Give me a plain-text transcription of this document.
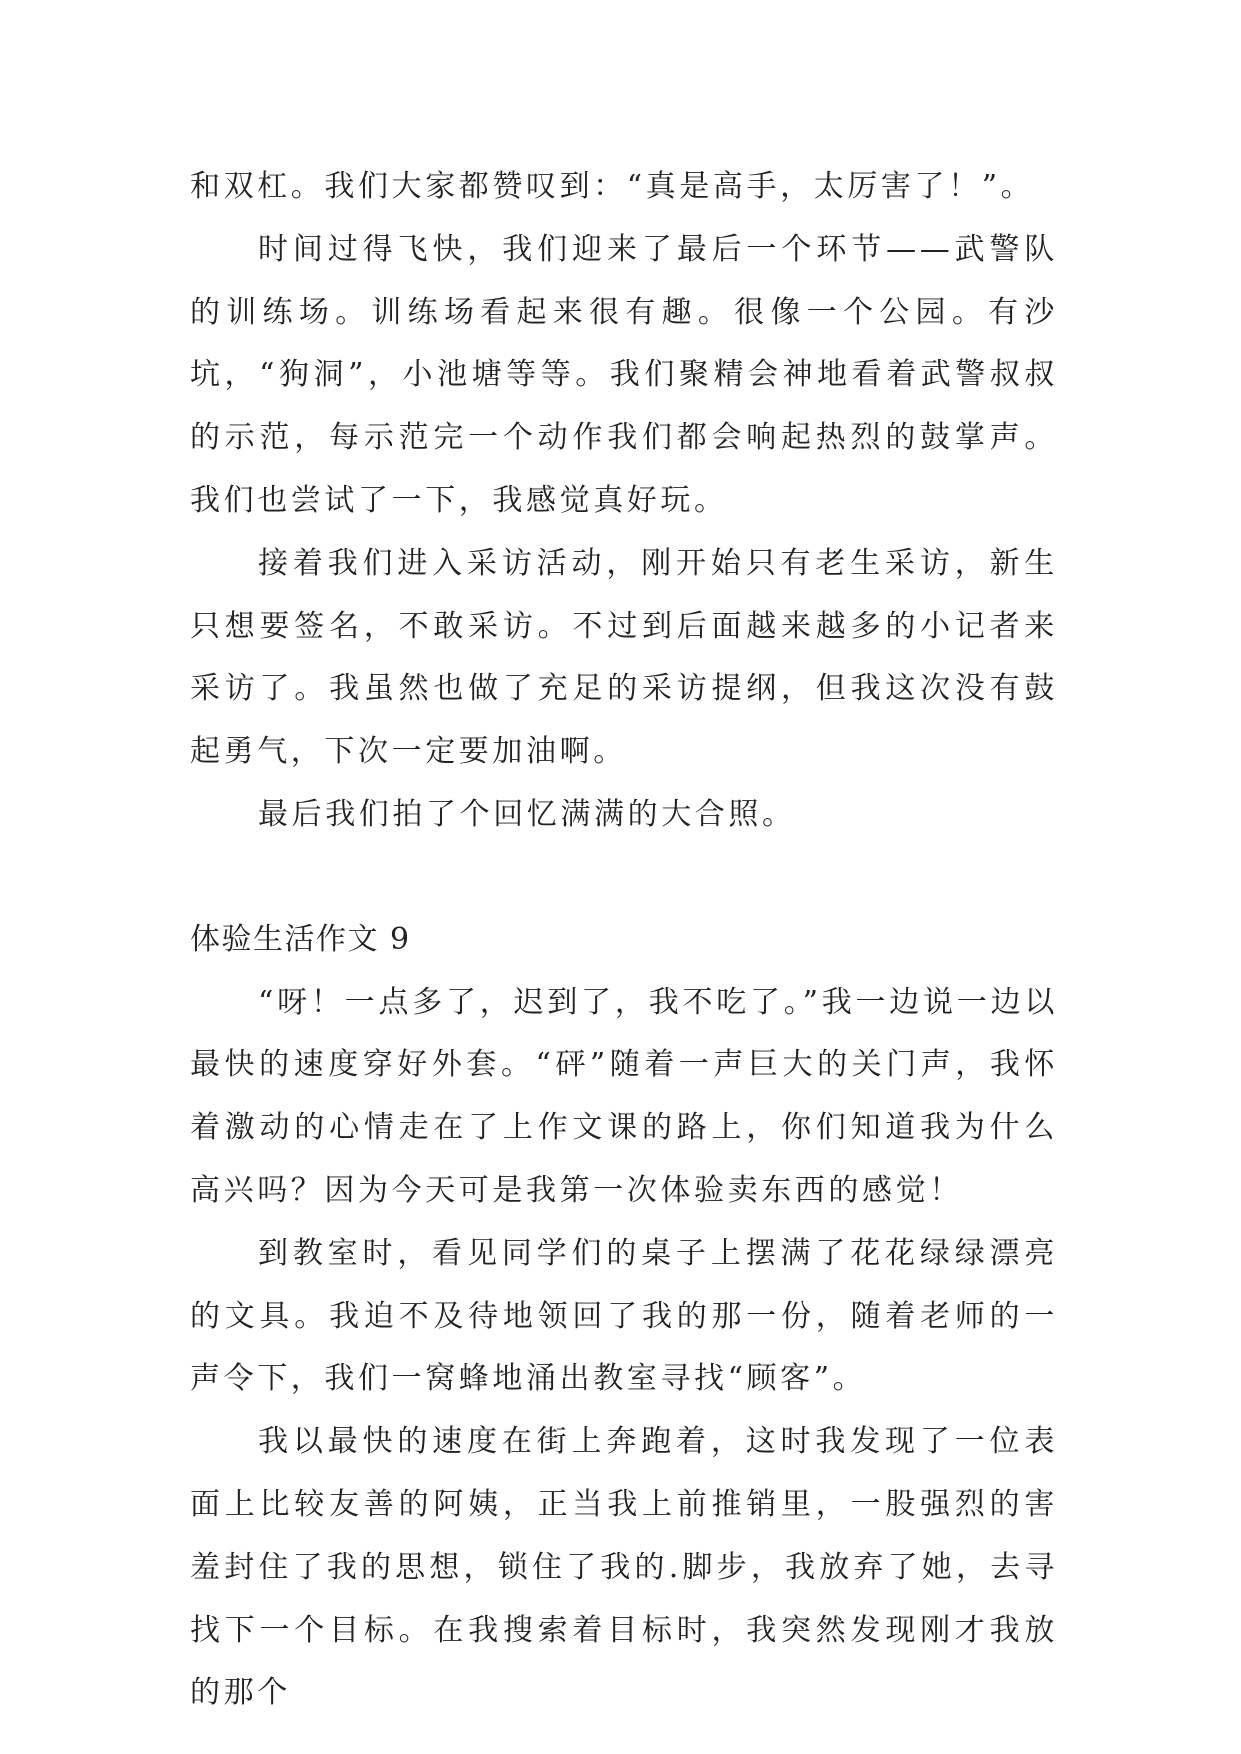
和双杠。我们大家都赞叹到：“真是高手，太厉害了！”。

时间过得飞快，我们迎来了最后一个环节——武警队的训练场。训练场看起来很有趣。很像一个公园。有沙坑，“狗洞”，小池塘等等。我们聚精会神地看着武警叔叔的示范，每示范完一个动作我们都会响起热烈的鼓掌声。我们也尝试了一下，我感觉真好玩。

接着我们进入采访活动，刚开始只有老生采访，新生只想要签名，不敢采访。不过到后面越来越多的小记者来采访了。我虽然也做了充足的采访提纲，但我这次没有鼓起勇气，下次一定要加油啊。

最后我们拍了个回忆满满的大合照。

体验生活作文 9

“呀！一点多了，迟到了，我不吃了。”我一边说一边以最快的速度穿好外套。“砰”随着一声巨大的关门声，我怀着激动的心情走在了上作文课的路上，你们知道我为什么高兴吗？因为今天可是我第一次体验卖东西的感觉！

到教室时，看见同学们的桌子上摆满了花花绿绿漂亮的文具。我迫不及待地领回了我的那一份，随着老师的一声令下，我们一窝蜂地涌出教室寻找“顾客”。

我以最快的速度在街上奔跑着，这时我发现了一位表面上比较友善的阿姨，正当我上前推销里，一股强烈的害羞封住了我的思想，锁住了我的.脚步，我放弃了她，去寻找下一个目标。在我搜索着目标时，我突然发现刚才我放的那个
